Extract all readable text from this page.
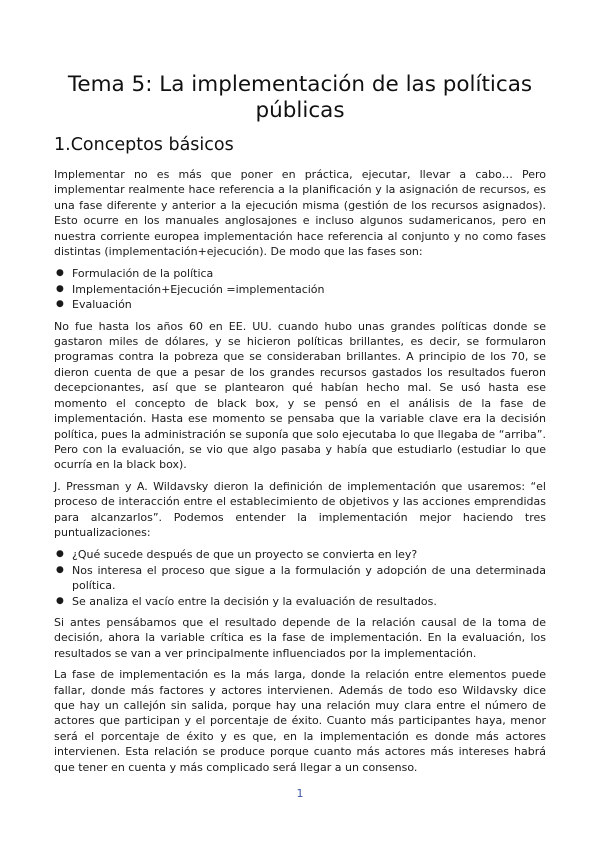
Tema 5: La implementación de las políticas públicas
1.Conceptos básicos

Implementar no es más que poner en práctica, ejecutar, llevar a cabo… Pero implementar realmente hace referencia a la planificación y la asignación de recursos, es una fase diferente y anterior a la ejecución misma (gestión de los recursos asignados). Esto ocurre en los manuales anglosajones e incluso algunos sudamericanos, pero en nuestra corriente europea implementación hace referencia al conjunto y no como fases distintas (implementación+ejecución). De modo que las fases son:

● Formulación de la política
● Implementación+Ejecución =implementación
● Evaluación

No fue hasta los años 60 en EE. UU. cuando hubo unas grandes políticas donde se gastaron miles de dólares, y se hicieron políticas brillantes, es decir, se formularon programas contra la pobreza que se consideraban brillantes. A principio de los 70, se dieron cuenta de que a pesar de los grandes recursos gastados los resultados fueron decepcionantes, así que se plantearon qué habían hecho mal. Se usó hasta ese momento el concepto de black box, y se pensó en el análisis de la fase de implementación. Hasta ese momento se pensaba que la variable clave era la decisión política, pues la administración se suponía que solo ejecutaba lo que llegaba de “arriba”. Pero con la evaluación, se vio que algo pasaba y había que estudiarlo (estudiar lo que ocurría en la black box).

J. Pressman y A. Wildavsky dieron la definición de implementación que usaremos: “el proceso de interacción entre el establecimiento de objetivos y las acciones emprendidas para alcanzarlos”. Podemos entender la implementación mejor haciendo tres puntualizaciones:

● ¿Qué sucede después de que un proyecto se convierta en ley?
● Nos interesa el proceso que sigue a la formulación y adopción de una determinada política.
● Se analiza el vacío entre la decisión y la evaluación de resultados.

Si antes pensábamos que el resultado depende de la relación causal de la toma de decisión, ahora la variable crítica es la fase de implementación. En la evaluación, los resultados se van a ver principalmente influenciados por la implementación.

La fase de implementación es la más larga, donde la relación entre elementos puede fallar, donde más factores y actores intervienen. Además de todo eso Wildavsky dice que hay un callejón sin salida, porque hay una relación muy clara entre el número de actores que participan y el porcentaje de éxito. Cuanto más participantes haya, menor será el porcentaje de éxito y es que, en la implementación es donde más actores intervienen. Esta relación se produce porque cuanto más actores más intereses habrá que tener en cuenta y más complicado será llegar a un consenso.

1
